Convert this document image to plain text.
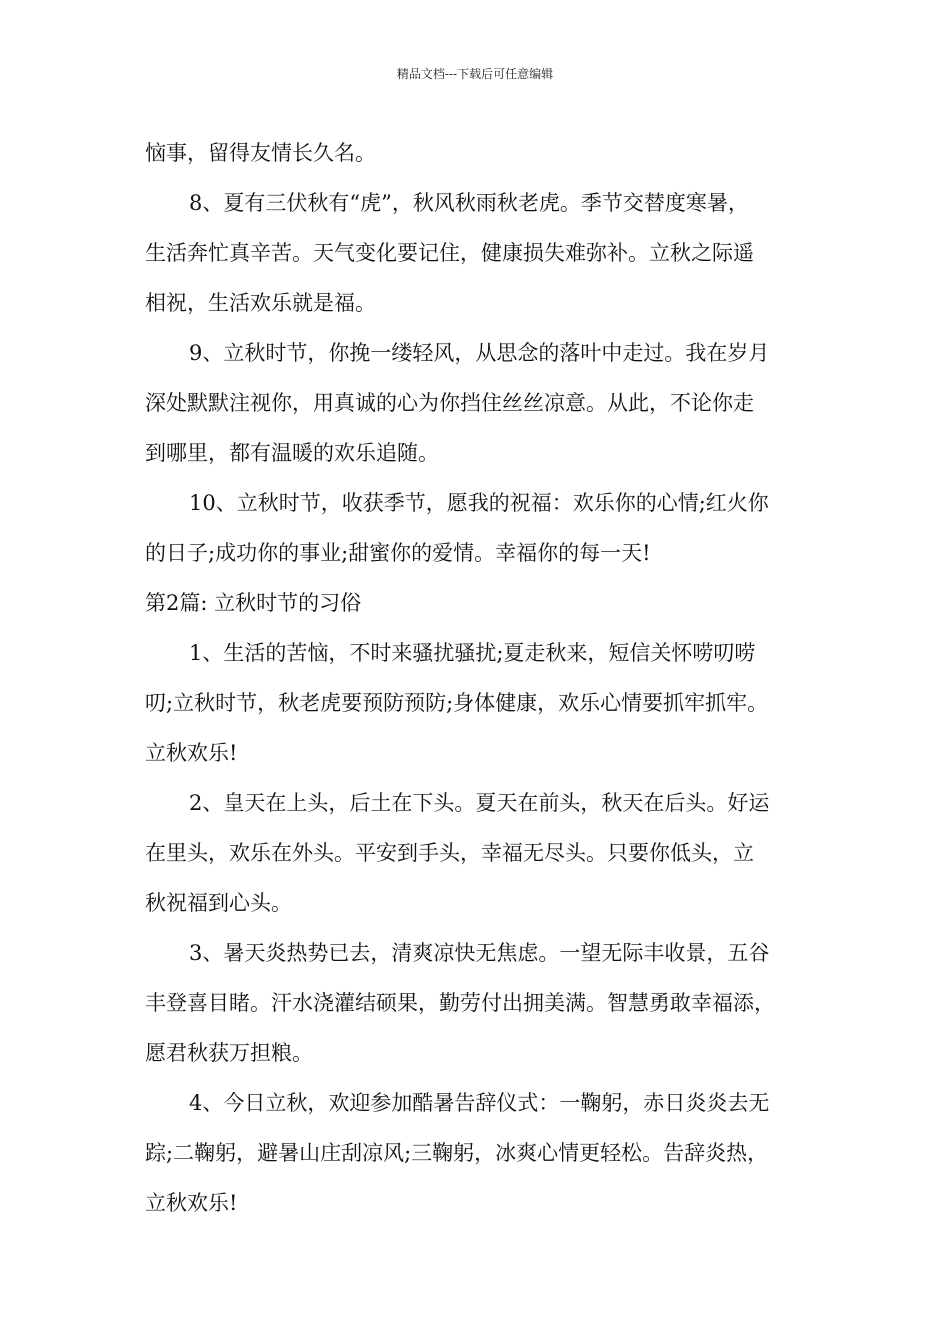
精品文档---下载后可任意编辑
恼事，留得友情长久名。
8、夏有三伏秋有“虎”，秋风秋雨秋老虎。季节交替度寒暑，
生活奔忙真辛苦。天气变化要记住，健康损失难弥补。立秋之际遥
相祝，生活欢乐就是福。
9、立秋时节，你挽一缕轻风，从思念的落叶中走过。我在岁月
深处默默注视你，用真诚的心为你挡住丝丝凉意。从此，不论你走
到哪里，都有温暖的欢乐追随。
10、立秋时节，收获季节，愿我的祝福：欢乐你的心情;红火你
的日子;成功你的事业;甜蜜你的爱情。幸福你的每一天!
第2篇: 立秋时节的习俗
1、生活的苦恼，不时来骚扰骚扰;夏走秋来，短信关怀唠叨唠
叨;立秋时节，秋老虎要预防预防;身体健康，欢乐心情要抓牢抓牢。
立秋欢乐!
2、皇天在上头，后土在下头。夏天在前头，秋天在后头。好运
在里头，欢乐在外头。平安到手头，幸福无尽头。只要你低头，立
秋祝福到心头。
3、暑天炎热势已去，清爽凉快无焦虑。一望无际丰收景，五谷
丰登喜目睹。汗水浇灌结硕果，勤劳付出拥美满。智慧勇敢幸福添，
愿君秋获万担粮。
4、今日立秋，欢迎参加酷暑告辞仪式：一鞠躬，赤日炎炎去无
踪;二鞠躬，避暑山庄刮凉风;三鞠躬，冰爽心情更轻松。告辞炎热，
立秋欢乐!
